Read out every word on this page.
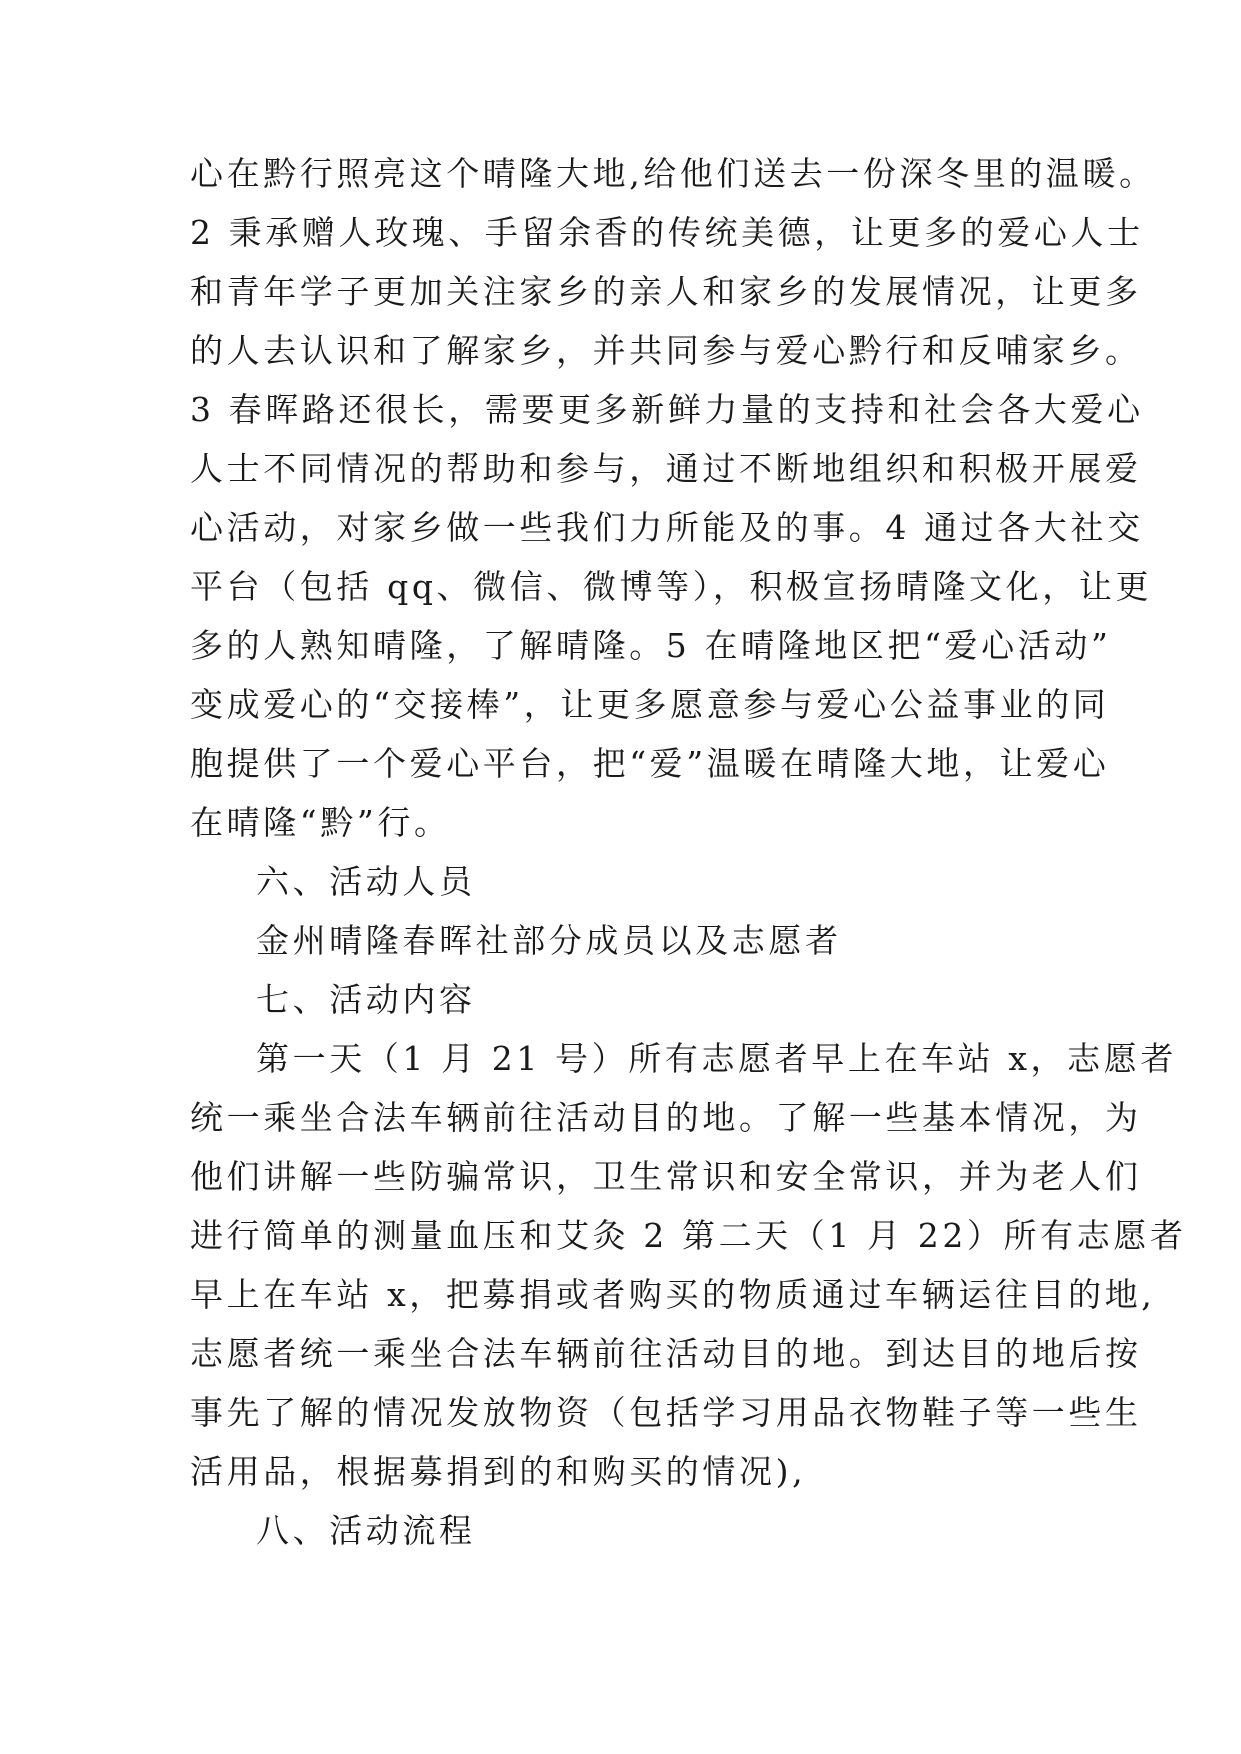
心在黔行照亮这个晴隆大地,给他们送去一份深冬里的温暖。
2 秉承赠人玫瑰、手留余香的传统美德，让更多的爱心人士
和青年学子更加关注家乡的亲人和家乡的发展情况，让更多
的人去认识和了解家乡，并共同参与爱心黔行和反哺家乡。
3 春晖路还很长，需要更多新鲜力量的支持和社会各大爱心
人士不同情况的帮助和参与，通过不断地组织和积极开展爱
心活动，对家乡做一些我们力所能及的事。4 通过各大社交
平台（包括 qq、微信、微博等），积极宣扬晴隆文化，让更
多的人熟知晴隆，了解晴隆。5 在晴隆地区把“爱心活动”
变成爱心的“交接棒”，让更多愿意参与爱心公益事业的同
胞提供了一个爱心平台，把“爱”温暖在晴隆大地，让爱心
在晴隆“黔”行。
六、活动人员
金州晴隆春晖社部分成员以及志愿者
七、活动内容
第一天（1 月 21 号）所有志愿者早上在车站 x，志愿者
统一乘坐合法车辆前往活动目的地。了解一些基本情况，为
他们讲解一些防骗常识，卫生常识和安全常识，并为老人们
进行简单的测量血压和艾灸 2 第二天（1 月 22）所有志愿者
早上在车站 x，把募捐或者购买的物质通过车辆运往目的地,
志愿者统一乘坐合法车辆前往活动目的地。到达目的地后按
事先了解的情况发放物资（包括学习用品衣物鞋子等一些生
活用品，根据募捐到的和购买的情况),
八、活动流程
